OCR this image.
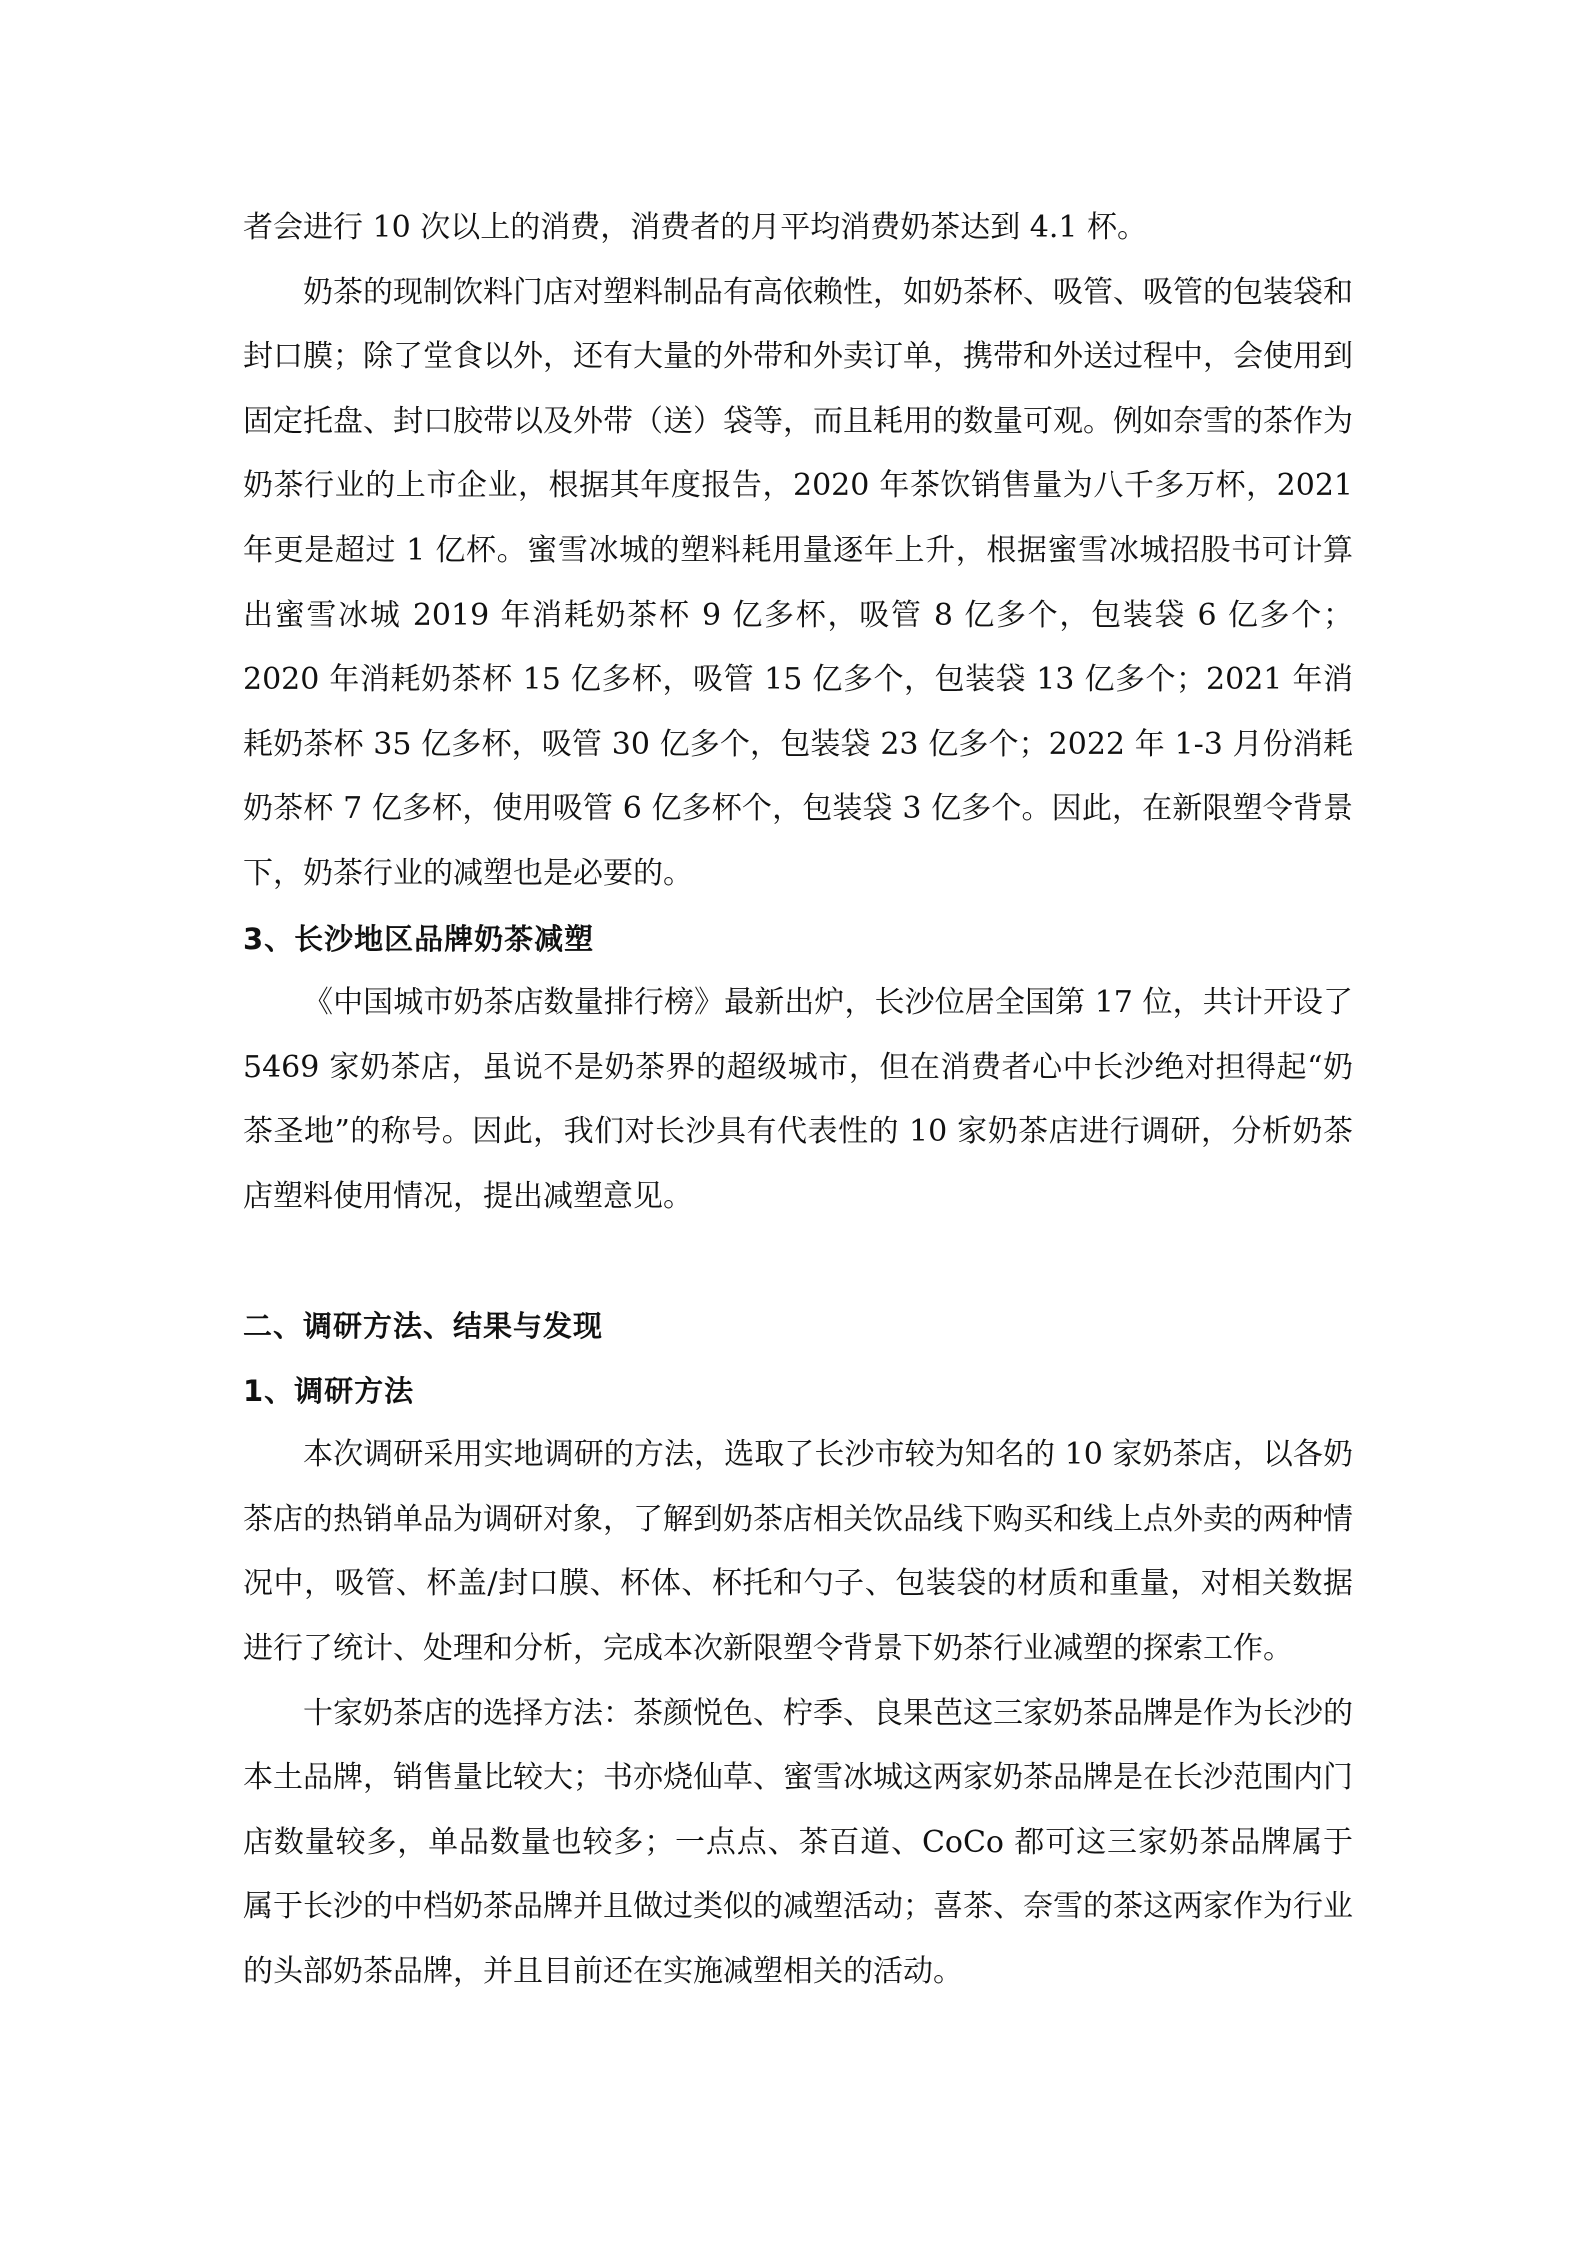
者会进行 10 次以上的消费，消费者的月平均消费奶茶达到 4.1 杯。

奶茶的现制饮料门店对塑料制品有高依赖性，如奶茶杯、吸管、吸管的包装袋和封口膜；除了堂食以外，还有大量的外带和外卖订单，携带和外送过程中，会使用到固定托盘、封口胶带以及外带（送）袋等，而且耗用的数量可观。例如奈雪的茶作为奶茶行业的上市企业，根据其年度报告，2020 年茶饮销售量为八千多万杯，2021 年更是超过 1 亿杯。蜜雪冰城的塑料耗用量逐年上升，根据蜜雪冰城招股书可计算出蜜雪冰城 2019 年消耗奶茶杯 9 亿多杯，吸管 8 亿多个，包装袋 6 亿多个；2020 年消耗奶茶杯 15 亿多杯，吸管 15 亿多个，包装袋 13 亿多个；2021 年消耗奶茶杯 35 亿多杯，吸管 30 亿多个，包装袋 23 亿多个；2022 年 1-3 月份消耗奶茶杯 7 亿多杯，使用吸管 6 亿多杯个，包装袋 3 亿多个。因此，在新限塑令背景下，奶茶行业的减塑也是必要的。

3、长沙地区品牌奶茶减塑

《中国城市奶茶店数量排行榜》最新出炉，长沙位居全国第 17 位，共计开设了 5469 家奶茶店，虽说不是奶茶界的超级城市，但在消费者心中长沙绝对担得起“奶茶圣地”的称号。因此，我们对长沙具有代表性的 10 家奶茶店进行调研，分析奶茶店塑料使用情况，提出减塑意见。

二、调研方法、结果与发现
1、调研方法

本次调研采用实地调研的方法，选取了长沙市较为知名的 10 家奶茶店，以各奶茶店的热销单品为调研对象，了解到奶茶店相关饮品线下购买和线上点外卖的两种情况中，吸管、杯盖/封口膜、杯体、杯托和勺子、包装袋的材质和重量，对相关数据进行了统计、处理和分析，完成本次新限塑令背景下奶茶行业减塑的探索工作。

十家奶茶店的选择方法：茶颜悦色、柠季、良果芭这三家奶茶品牌是作为长沙的本土品牌，销售量比较大；书亦烧仙草、蜜雪冰城这两家奶茶品牌是在长沙范围内门店数量较多，单品数量也较多；一点点、茶百道、CoCo 都可这三家奶茶品牌属于属于长沙的中档奶茶品牌并且做过类似的减塑活动；喜茶、奈雪的茶这两家作为行业的头部奶茶品牌，并且目前还在实施减塑相关的活动。
